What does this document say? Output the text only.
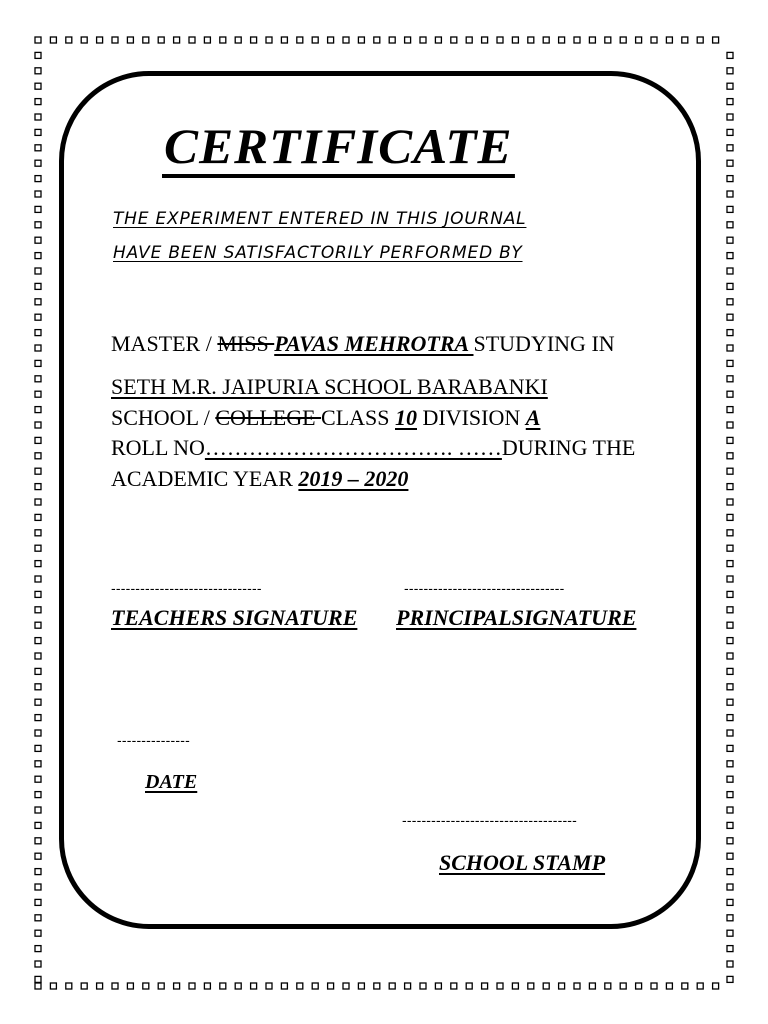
CERTIFICATE
THE EXPERIMENT ENTERED IN THIS JOURNAL
HAVE BEEN SATISFACTORILY PERFORMED BY
MASTER / MISS PAVAS MEHROTRA STUDYING IN
SETH M.R. JAIPURIA SCHOOL BARABANKI
SCHOOL / COLLEGE CLASS 10 DIVISION A
ROLL NO……………………………. ……DURING THE
ACADEMIC YEAR 2019 – 2020
-------------------------------
TEACHERS SIGNATURE
---------------------------------
PRINCIPALSIGNATURE
---------------
DATE
------------------------------------
SCHOOL STAMP
